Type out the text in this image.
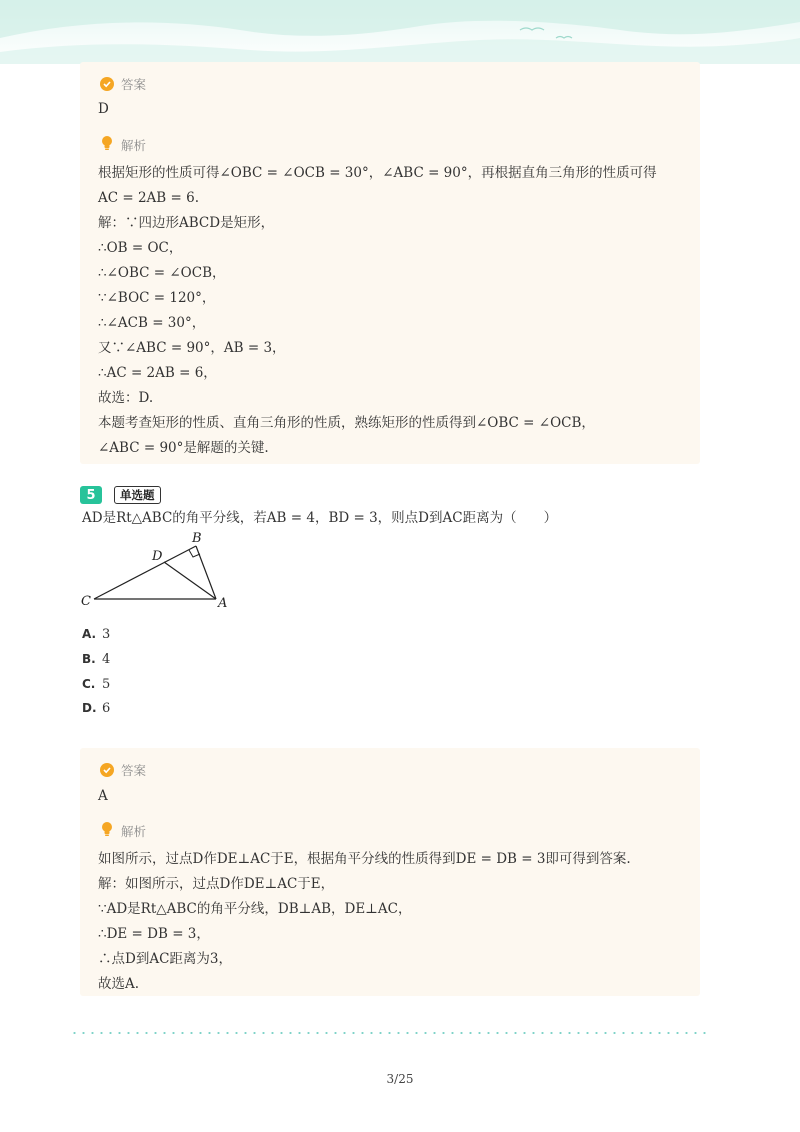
答案
D
解析
根据矩形的性质可得∠OBC = ∠OCB = 30°，∠ABC = 90°，再根据直角三角形的性质可得
AC = 2AB = 6.
解：∵四边形ABCD是矩形，
∴OB = OC，
∴∠OBC = ∠OCB，
∵∠BOC = 120°，
∴∠ACB = 30°，
又∵∠ABC = 90°，AB = 3，
∴AC = 2AB = 6，
故选：D.
本题考查矩形的性质、直角三角形的性质，熟练矩形的性质得到∠OBC = ∠OCB，
∠ABC = 90°是解题的关键.
5	单选题
AD是Rt△ABC的角平分线，若AB = 4，BD = 3，则点D到AC距离为（　　）
B
D
C	A
A. 3
B. 4
C. 5
D. 6
答案
A
解析
如图所示，过点D作DE⊥AC于E，根据角平分线的性质得到DE = DB = 3即可得到答案.
解：如图所示，过点D作DE⊥AC于E，
∵AD是Rt△ABC的角平分线，DB⊥AB，DE⊥AC，
∴DE = DB = 3，
∴点D到AC距离为3，
故选A.
3/25
